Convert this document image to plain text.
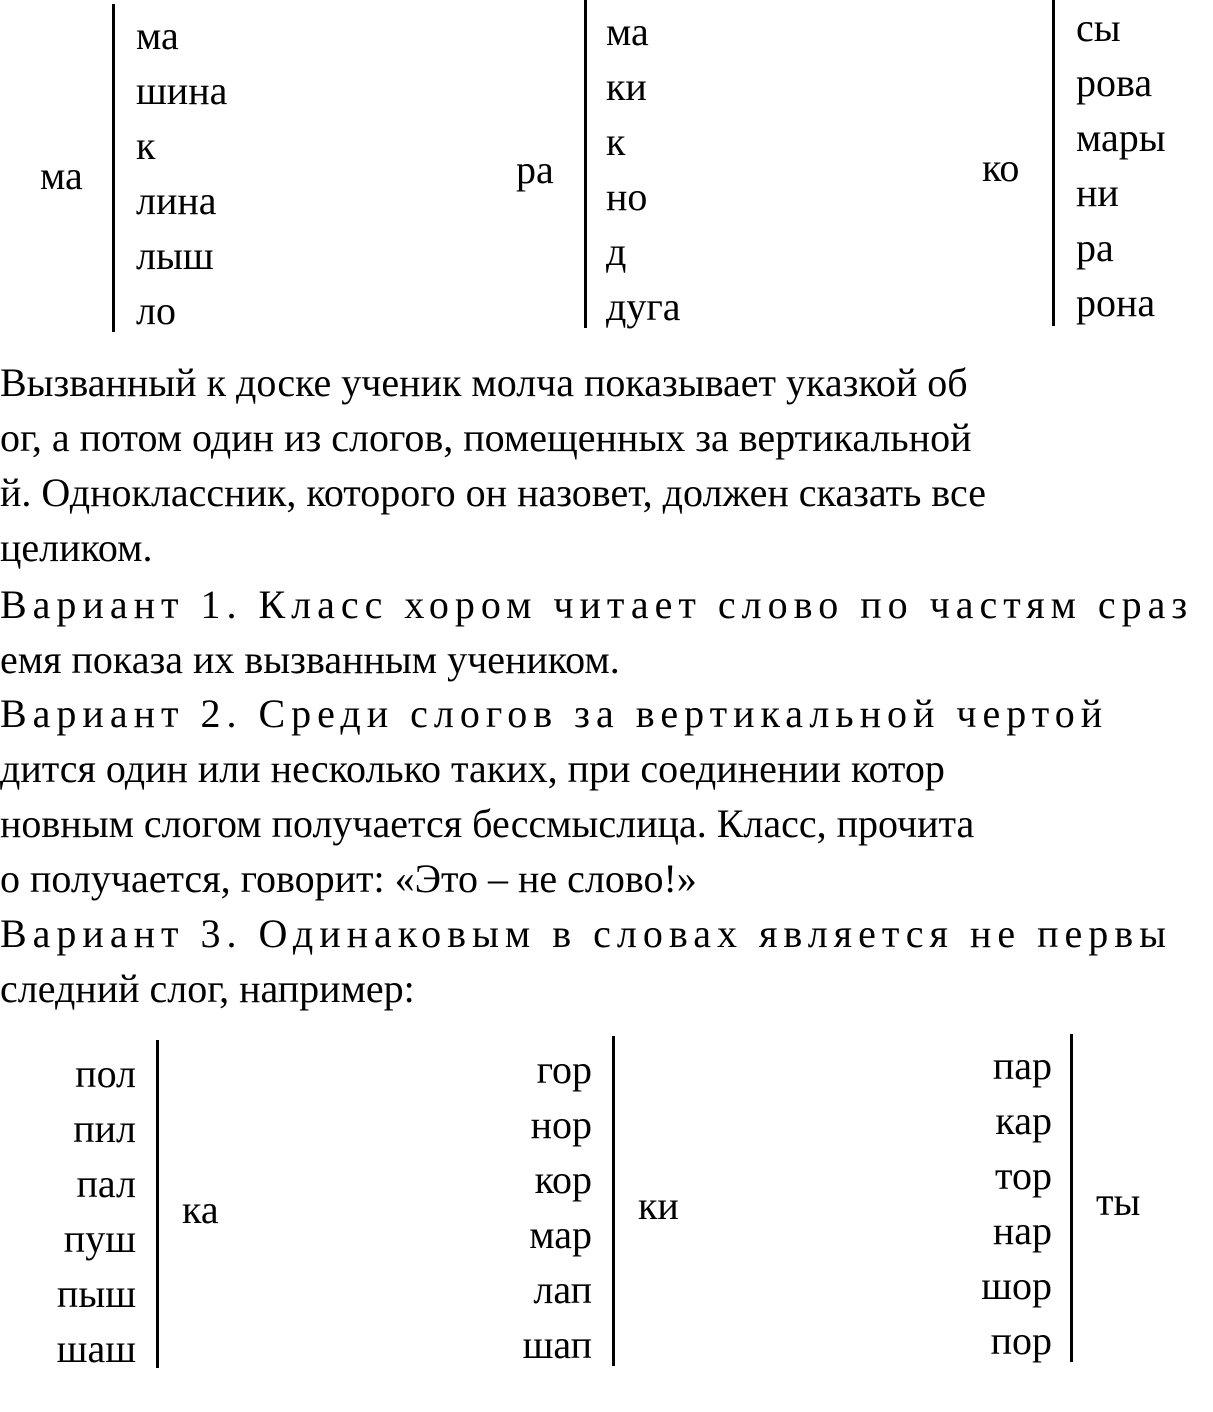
ма
ма
шина
к
лина
лыш
ло
ра
ма
ки
к
но
д
дуга
ко
сы
рова
мары
ни
ра
рона
Вызванный к доске ученик молча показывает указкой об
ог, а потом один из слогов, помещенных за вертикальной
й. Одноклассник, которого он назовет, должен сказать все
целиком.
Вариант 1. Класс хором читает слово по частям сраз
емя показа их вызванным учеником.
Вариант 2. Среди слогов за вертикальной чертой
дится один или несколько таких, при соединении котор
новным слогом получается бессмыслица. Класс, прочита
о получается, говорит: «Это – не слово!»
Вариант 3. Одинаковым в словах является не первы
следний слог, например:
пол
пил
пал
пуш
пыш
шаш
ка
гор
нор
кор
мар
лап
шап
ки
пар
кар
тор
нар
шор
пор
ты
